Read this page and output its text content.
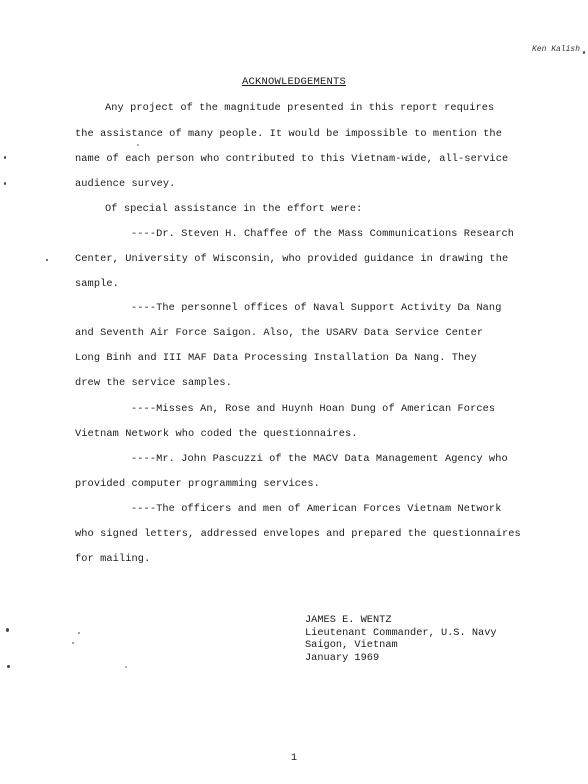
Ken Kalish
ACKNOWLEDGEMENTS
Any project of the magnitude presented in this report requires
the assistance of many people. It would be impossible to mention the
name of each person who contributed to this Vietnam-wide, all-service
audience survey.
Of special assistance in the effort were:
----Dr. Steven H. Chaffee of the Mass Communications Research
Center, University of Wisconsin, who provided guidance in drawing the
sample.
----The personnel offices of Naval Support Activity Da Nang
and Seventh Air Force Saigon. Also, the USARV Data Service Center
Long Binh and III MAF Data Processing Installation Da Nang. They
drew the service samples.
----Misses An, Rose and Huynh Hoan Dung of American Forces
Vietnam Network who coded the questionnaires.
----Mr. John Pascuzzi of the MACV Data Management Agency who
provided computer programming services.
----The officers and men of American Forces Vietnam Network
who signed letters, addressed envelopes and prepared the questionnaires
for mailing.
JAMES E. WENTZ
Lieutenant Commander, U.S. Navy
Saigon, Vietnam
January 1969
1
